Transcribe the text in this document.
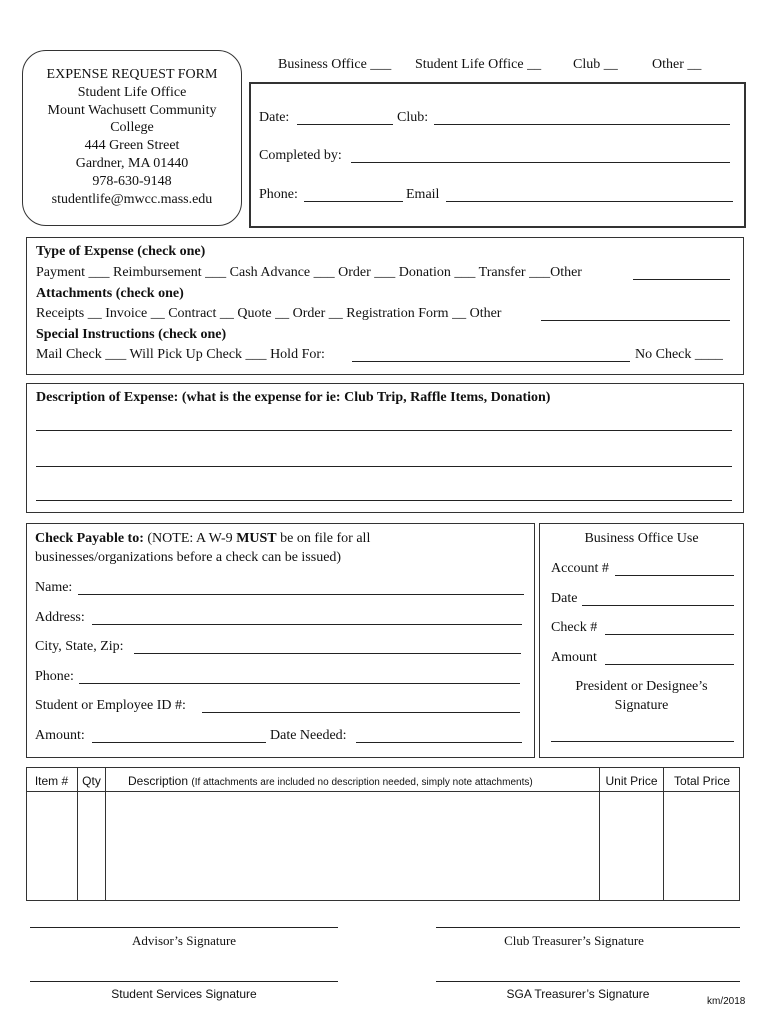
EXPENSE REQUEST FORM
Student Life Office
Mount Wachusett Community
College
444 Green Street
Gardner, MA 01440
978-630-9148
studentlife@mwcc.mass.edu
Business Office ___ Student Life Office __ Club __ Other __
Date:	Club:
Completed by:
Phone:	Email
Type of Expense (check one)
Payment ___ Reimbursement ___ Cash Advance ___ Order ___ Donation ___ Transfer ___Other
Attachments (check one)
Receipts __ Invoice __ Contract __ Quote __ Order __ Registration Form __ Other
Special Instructions (check one)
Mail Check ___ Will Pick Up Check ___ Hold For:	No Check ____
Description of Expense: (what is the expense for ie: Club Trip, Raffle Items, Donation)
Check Payable to: (NOTE: A W-9 MUST be on file for all
businesses/organizations before a check can be issued)
Name:
Address:
City, State, Zip:
Phone:
Student or Employee ID #:
Amount:	Date Needed:
Business Office Use
Account #
Date
Check #
Amount
President or Designee’s
Signature
Item #	Qty	Description (If attachments are included no description needed, simply note attachments)	Unit Price	Total Price
Advisor’s Signature	Club Treasurer’s Signature
Student Services Signature	SGA Treasurer’s Signature
km/2018
